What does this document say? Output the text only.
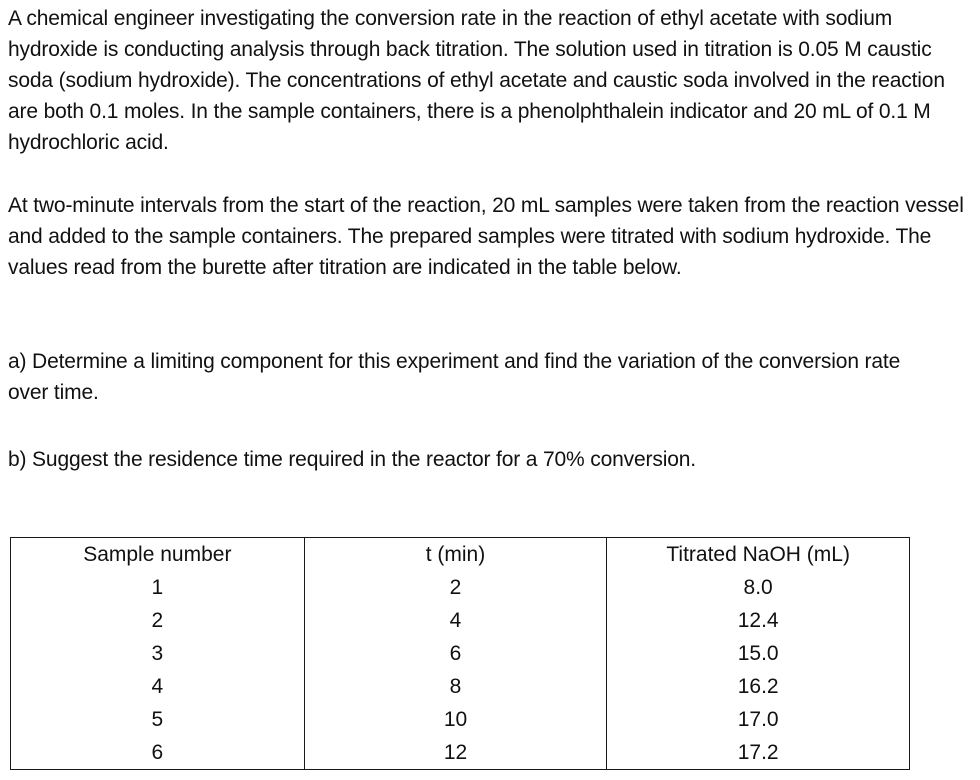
A chemical engineer investigating the conversion rate in the reaction of ethyl acetate with sodium hydroxide is conducting analysis through back titration. The solution used in titration is 0.05 M caustic soda (sodium hydroxide). The concentrations of ethyl acetate and caustic soda involved in the reaction are both 0.1 moles. In the sample containers, there is a phenolphthalein indicator and 20 mL of 0.1 M hydrochloric acid.

At two-minute intervals from the start of the reaction, 20 mL samples were taken from the reaction vessel and added to the sample containers. The prepared samples were titrated with sodium hydroxide. The values read from the burette after titration are indicated in the table below.

a) Determine a limiting component for this experiment and find the variation of the conversion rate over time.

b) Suggest the residence time required in the reactor for a 70% conversion.

Sample number	t (min)	Titrated NaOH (mL)
1	2	8.0
2	4	12.4
3	6	15.0
4	8	16.2
5	10	17.0
6	12	17.2
